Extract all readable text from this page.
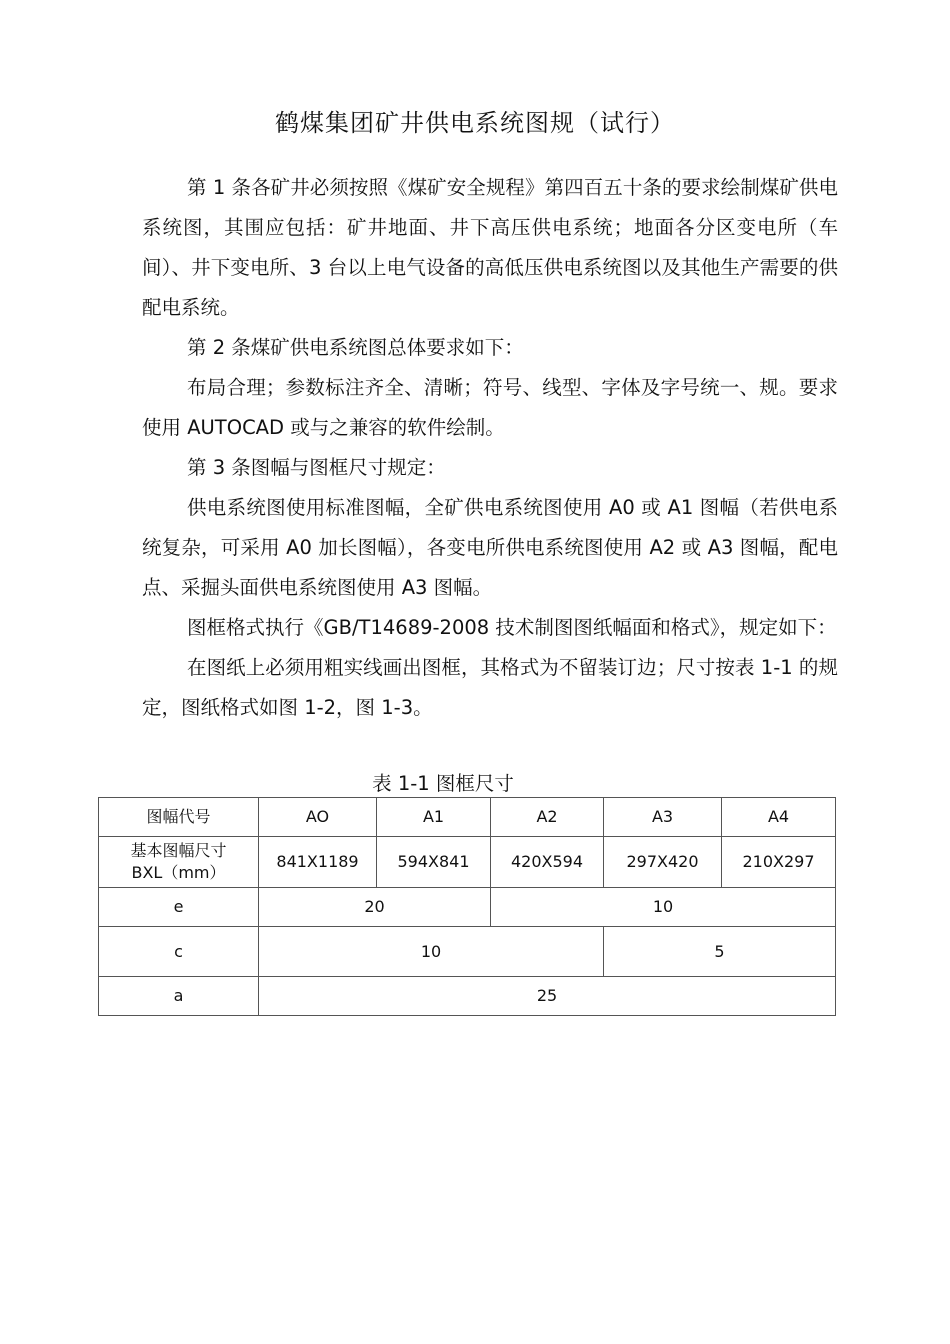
鹤煤集团矿井供电系统图规（试行）

第 1 条各矿井必须按照《煤矿安全规程》第四百五十条的要求绘制煤矿供电系统图，其围应包括：矿井地面、井下高压供电系统；地面各分区变电所（车间）、井下变电所、3 台以上电气设备的高低压供电系统图以及其他生产需要的供配电系统。

第 2 条煤矿供电系统图总体要求如下：

布局合理；参数标注齐全、清晰；符号、线型、字体及字号统一、规。要求使用 AUTOCAD 或与之兼容的软件绘制。

第 3 条图幅与图框尺寸规定：

供电系统图使用标准图幅，全矿供电系统图使用 A0 或 A1 图幅（若供电系统复杂，可采用 A0 加长图幅），各变电所供电系统图使用 A2 或 A3 图幅，配电点、采掘头面供电系统图使用 A3 图幅。

图框格式执行《GB/T14689-2008 技术制图图纸幅面和格式》，规定如下：

在图纸上必须用粗实线画出图框，其格式为不留装订边；尺寸按表 1-1 的规定，图纸格式如图 1-2，图 1-3。

表 1-1 图框尺寸
图幅代号	AO	A1	A2	A3	A4
基本图幅尺寸
BXL（mm）	841X1189	594X841	420X594	297X420	210X297
e	20		10		
c	10			5	
a	25				
